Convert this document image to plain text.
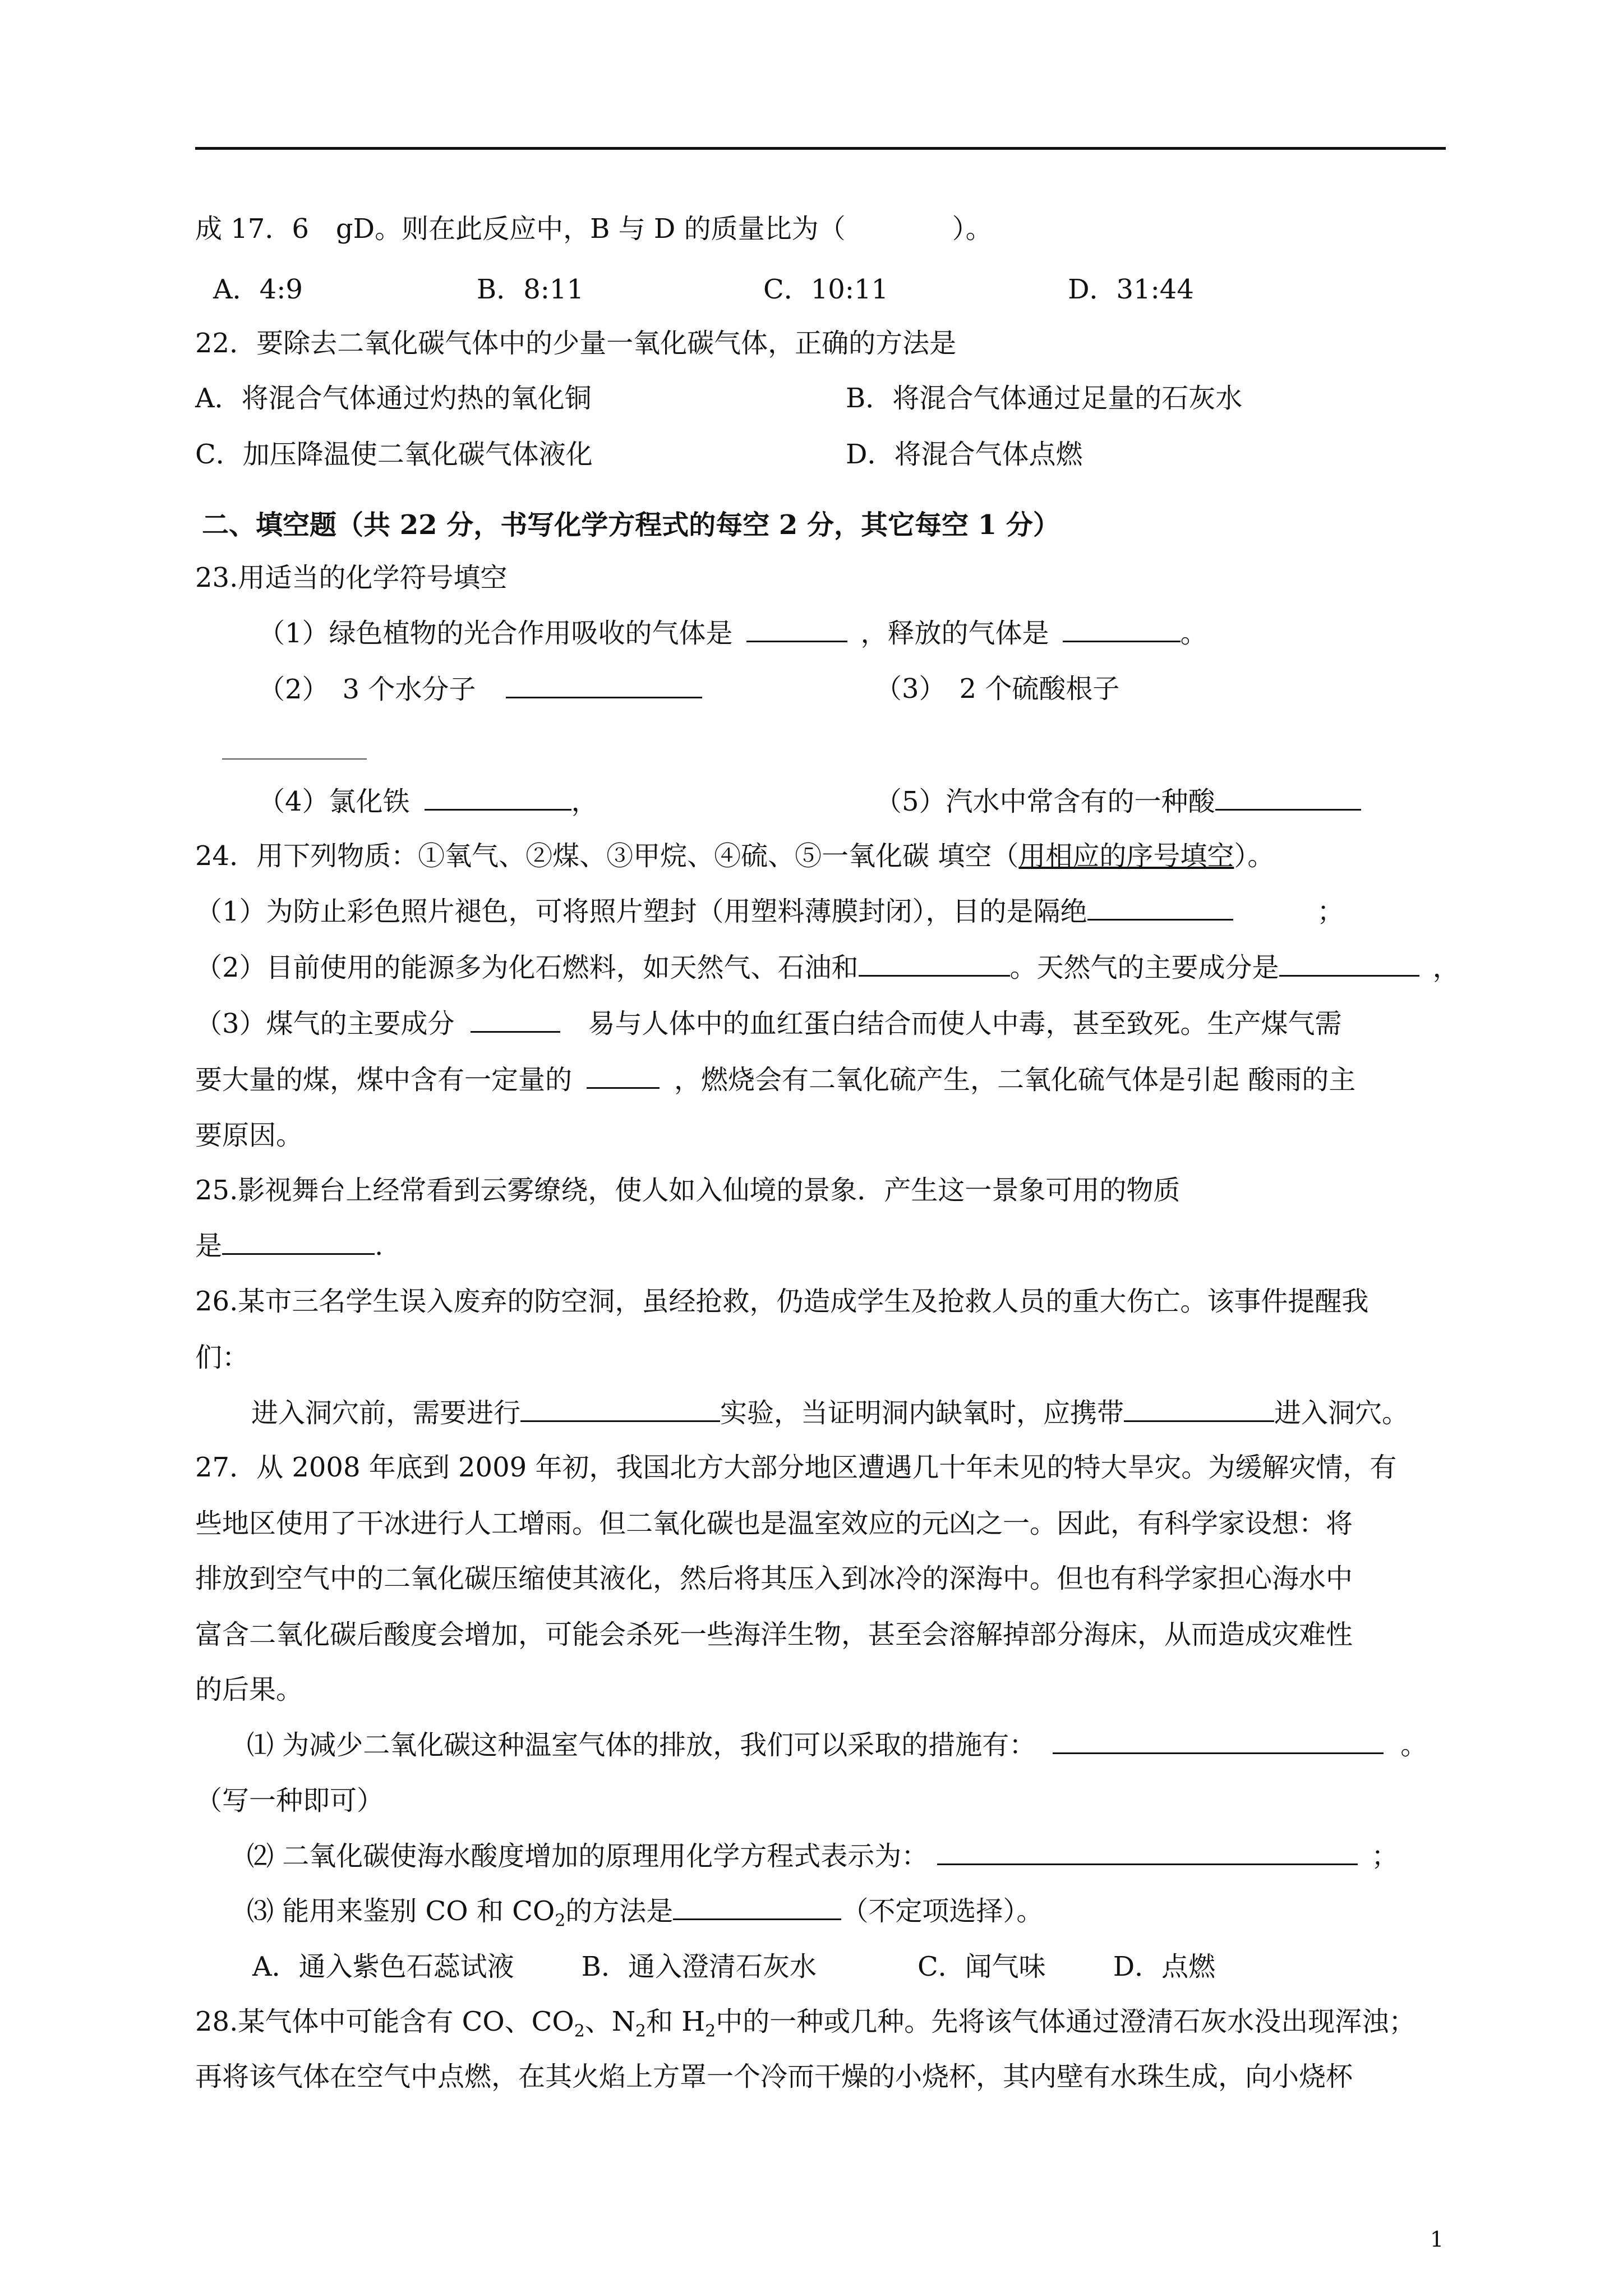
成 17．6　gD。则在此反应中，B 与 D 的质量比为（	）。
A．4:9	B．8:11	C．10:11	D．31:44
22．要除去二氧化碳气体中的少量一氧化碳气体，正确的方法是
A．将混合气体通过灼热的氧化铜	B．将混合气体通过足量的石灰水
C．加压降温使二氧化碳气体液化	D．将混合气体点燃
二、填空题（共 22 分，书写化学方程式的每空 2 分，其它每空 1 分）
23.用适当的化学符号填空
（1）绿色植物的光合作用吸收的气体是	，释放的气体是	。
（2）　3 个水分子	（3）　2 个硫酸根子
（4）氯化铁	，	（5）汽水中常含有的一种酸
24．用下列物质：①氧气、②煤、③甲烷、④硫、⑤一氧化碳 填空（用相应的序号填空）。
（1）为防止彩色照片褪色，可将照片塑封（用塑料薄膜封闭），目的是隔绝	；
（2）目前使用的能源多为化石燃料，如天然气、石油和	。天然气的主要成分是	，
（3）煤气的主要成分	易与人体中的血红蛋白结合而使人中毒，甚至致死。生产煤气需
要大量的煤，煤中含有一定量的	，燃烧会有二氧化硫产生，二氧化硫气体是引起 酸雨的主
要原因。
25.影视舞台上经常看到云雾缭绕，使人如入仙境的景象．产生这一景象可用的物质
是	.
26.某市三名学生误入废弃的防空洞，虽经抢救，仍造成学生及抢救人员的重大伤亡。该事件提醒我
们：
进入洞穴前，需要进行	实验，当证明洞内缺氧时，应携带	进入洞穴。
27．从 2008 年底到 2009 年初，我国北方大部分地区遭遇几十年未见的特大旱灾。为缓解灾情，有
些地区使用了干冰进行人工增雨。但二氧化碳也是温室效应的元凶之一。因此，有科学家设想：将
排放到空气中的二氧化碳压缩使其液化，然后将其压入到冰冷的深海中。但也有科学家担心海水中
富含二氧化碳后酸度会增加，可能会杀死一些海洋生物，甚至会溶解掉部分海床，从而造成灾难性
的后果。
⑴ 为减少二氧化碳这种温室气体的排放，我们可以采取的措施有：	。
（写一种即可）
⑵ 二氧化碳使海水酸度增加的原理用化学方程式表示为：	；
⑶ 能用来鉴别 CO 和 $CO_2$的方法是	（不定项选择）。
A．通入紫色石蕊试液	B．通入澄清石灰水	C．闻气味	D．点燃
28.某气体中可能含有 CO、$CO_2$、$N_2$和 $H_2$中的一种或几种。先将该气体通过澄清石灰水没出现浑浊；
再将该气体在空气中点燃，在其火焰上方罩一个冷而干燥的小烧杯，其内壁有水珠生成，向小烧杯
1
